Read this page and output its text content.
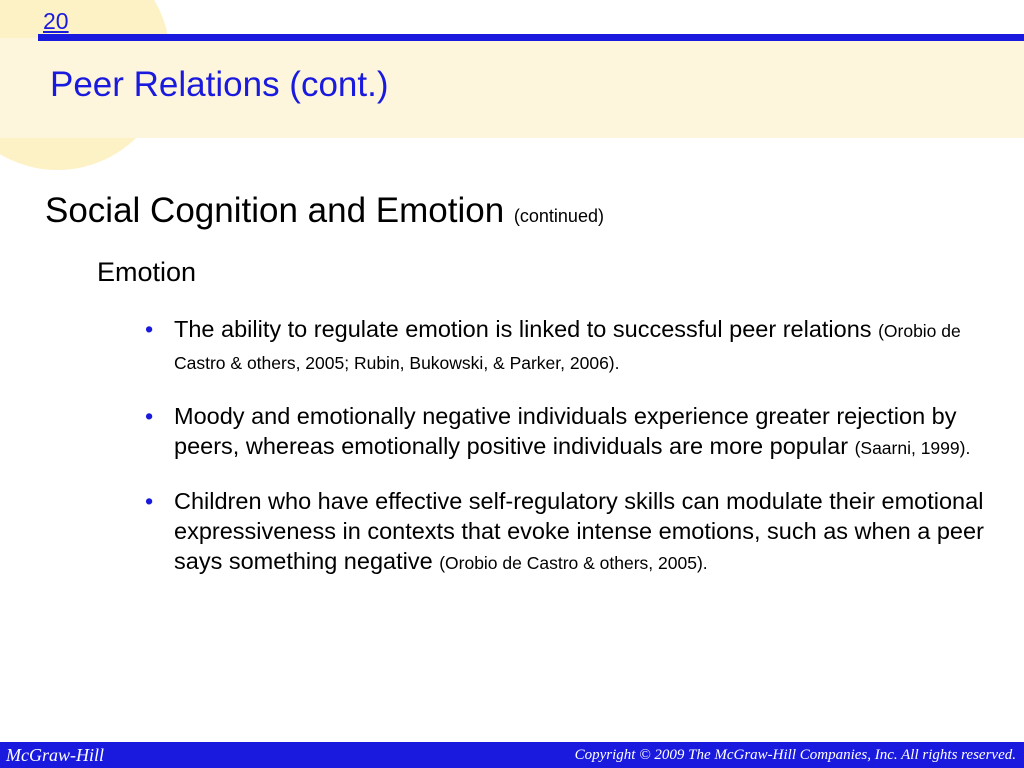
20
Peer Relations (cont.)
Social Cognition and Emotion (continued)
Emotion
• The ability to regulate emotion is linked to successful peer relations (Orobio de Castro & others, 2005; Rubin, Bukowski, & Parker, 2006).
• Moody and emotionally negative individuals experience greater rejection by peers, whereas emotionally positive individuals are more popular (Saarni, 1999).
• Children who have effective self-regulatory skills can modulate their emotional expressiveness in contexts that evoke intense emotions, such as when a peer says something negative (Orobio de Castro & others, 2005).
McGraw-Hill	Copyright © 2009 The McGraw-Hill Companies, Inc. All rights reserved.
